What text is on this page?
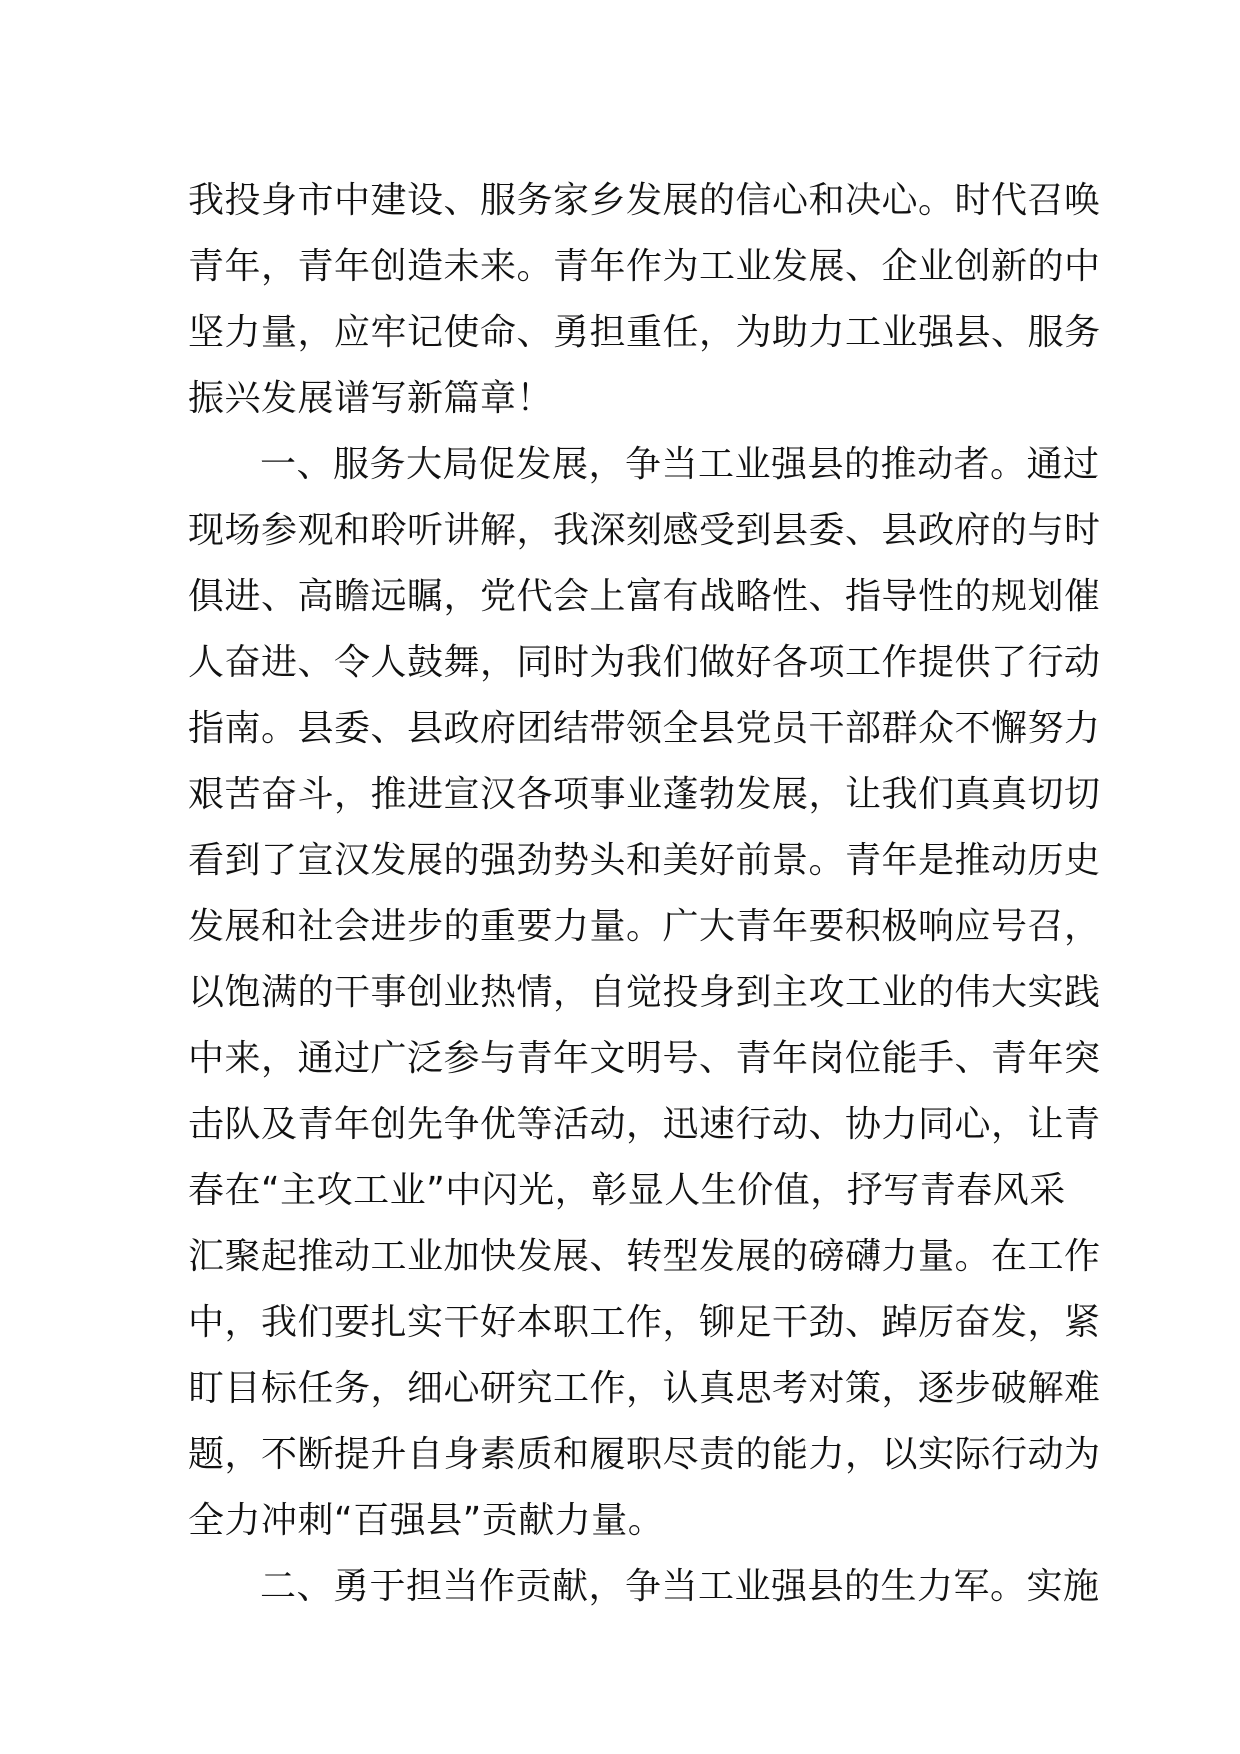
我投身市中建设、服务家乡发展的信心和决心。时代召唤
青年，青年创造未来。青年作为工业发展、企业创新的中
坚力量，应牢记使命、勇担重任，为助力工业强县、服务
振兴发展谱写新篇章！
一、服务大局促发展，争当工业强县的推动者。通过
现场参观和聆听讲解，我深刻感受到县委、县政府的与时
俱进、高瞻远瞩，党代会上富有战略性、指导性的规划催
人奋进、令人鼓舞，同时为我们做好各项工作提供了行动
指南。县委、县政府团结带领全县党员干部群众不懈努力
艰苦奋斗，推进宣汉各项事业蓬勃发展，让我们真真切切
看到了宣汉发展的强劲势头和美好前景。青年是推动历史
发展和社会进步的重要力量。广大青年要积极响应号召，
以饱满的干事创业热情，自觉投身到主攻工业的伟大实践
中来，通过广泛参与青年文明号、青年岗位能手、青年突
击队及青年创先争优等活动，迅速行动、协力同心，让青
春在“主攻工业”中闪光，彰显人生价值，抒写青春风采
汇聚起推动工业加快发展、转型发展的磅礴力量。在工作
中，我们要扎实干好本职工作，铆足干劲、踔厉奋发，紧
盯目标任务，细心研究工作，认真思考对策，逐步破解难
题，不断提升自身素质和履职尽责的能力，以实际行动为
全力冲刺“百强县”贡献力量。
二、勇于担当作贡献，争当工业强县的生力军。实施
